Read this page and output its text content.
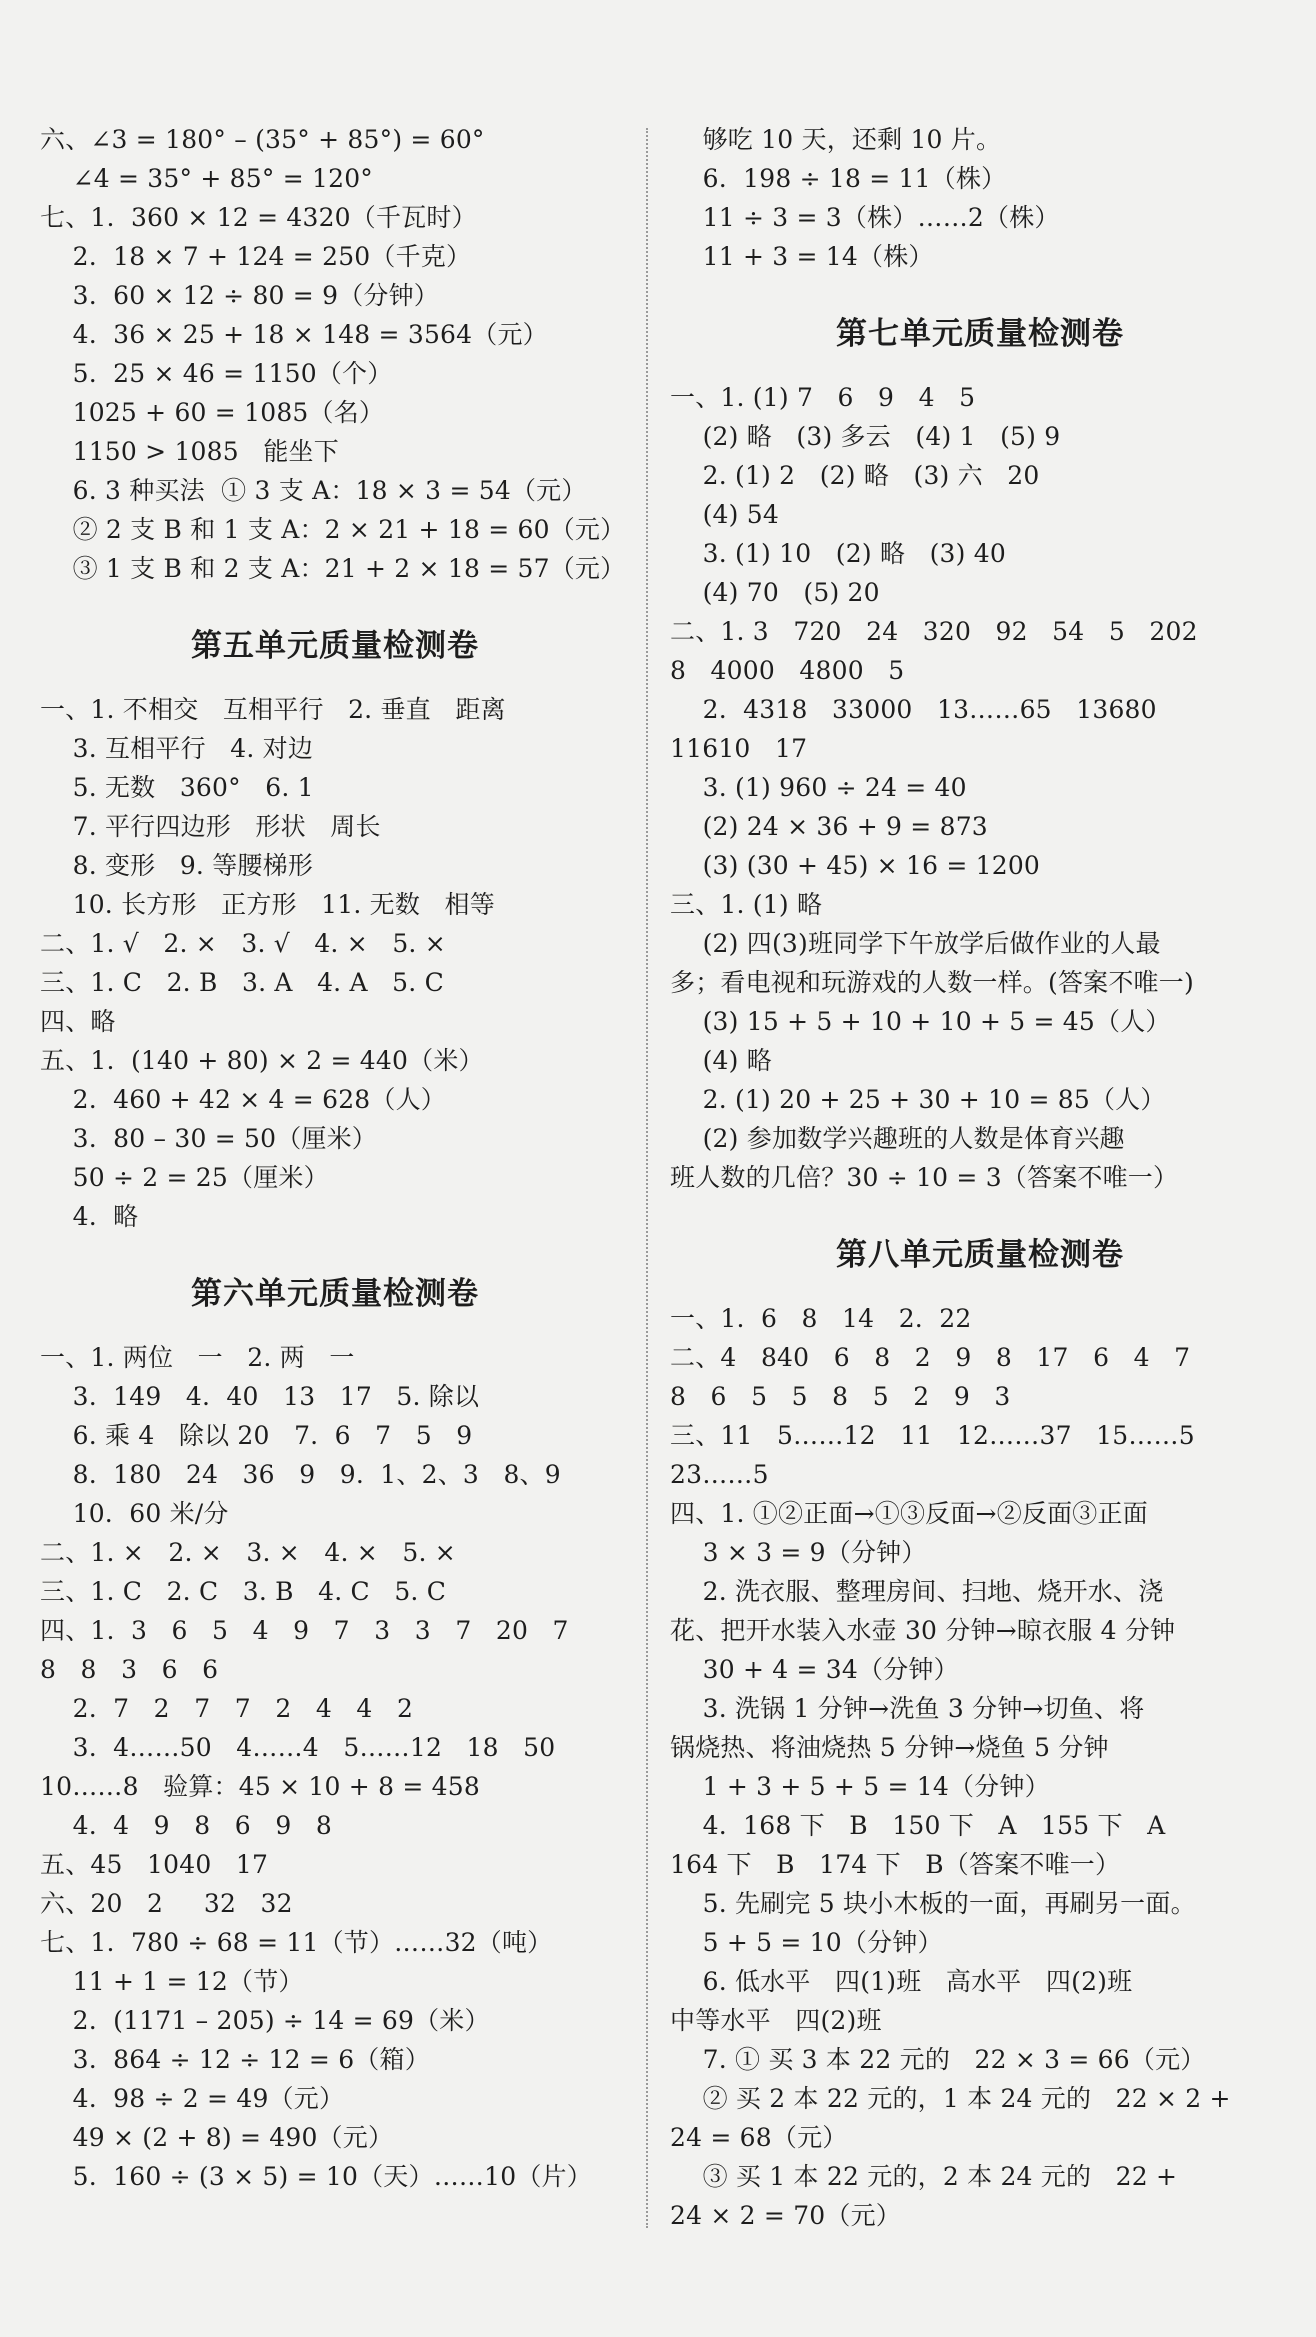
六、∠3 = 180° – (35° + 85°) = 60°
∠4 = 35° + 85° = 120°
七、1.  360 × 12 = 4320（千瓦时）
2.  18 × 7 + 124 = 250（千克）
3.  60 × 12 ÷ 80 = 9（分钟）
4.  36 × 25 + 18 × 148 = 3564（元）
5.  25 × 46 = 1150（个）
1025 + 60 = 1085（名）
1150 > 1085   能坐下
6. 3 种买法  ① 3 支 A：18 × 3 = 54（元）
② 2 支 B 和 1 支 A：2 × 21 + 18 = 60（元）
③ 1 支 B 和 2 支 A：21 + 2 × 18 = 57（元）
第五单元质量检测卷
一、1. 不相交   互相平行   2. 垂直   距离
3. 互相平行   4. 对边
5. 无数   360°   6. 1
7. 平行四边形   形状   周长
8. 变形   9. 等腰梯形
10. 长方形   正方形   11. 无数   相等
二、1. √   2. ×   3. √   4. ×   5. ×
三、1. C   2. B   3. A   4. A   5. C
四、略
五、1.  (140 + 80) × 2 = 440（米）
2.  460 + 42 × 4 = 628（人）
3.  80 – 30 = 50（厘米）
50 ÷ 2 = 25（厘米）
4.  略
第六单元质量检测卷
一、1. 两位   一   2. 两   一
3.  149   4.  40   13   17   5. 除以
6. 乘 4   除以 20   7.  6   7   5   9
8.  180   24   36   9   9.  1、2、3   8、9
10.  60 米/分
二、1. ×   2. ×   3. ×   4. ×   5. ×
三、1. C   2. C   3. B   4. C   5. C
四、1.  3   6   5   4   9   7   3   3   7   20   7
8   8   3   6   6
2.  7   2   7   7   2   4   4   2
3.  4……50   4……4   5……12   18   50
10……8   验算：45 × 10 + 8 = 458
4.  4   9   8   6   9   8
五、45   1040   17
六、20   2     32   32
七、1.  780 ÷ 68 = 11（节）……32（吨）
11 + 1 = 12（节）
2.  (1171 – 205) ÷ 14 = 69（米）
3.  864 ÷ 12 ÷ 12 = 6（箱）
4.  98 ÷ 2 = 49（元）
49 × (2 + 8) = 490（元）
5.  160 ÷ (3 × 5) = 10（天）……10（片）
够吃 10 天，还剩 10 片。
6.  198 ÷ 18 = 11（株）
11 ÷ 3 = 3（株）……2（株）
11 + 3 = 14（株）
第七单元质量检测卷
一、1. (1) 7   6   9   4   5
(2) 略   (3) 多云   (4) 1   (5) 9
2. (1) 2   (2) 略   (3) 六   20
(4) 54
3. (1) 10   (2) 略   (3) 40
(4) 70   (5) 20
二、1. 3   720   24   320   92   54   5   202
8   4000   4800   5
2.  4318   33000   13……65   13680
11610   17
3. (1) 960 ÷ 24 = 40
(2) 24 × 36 + 9 = 873
(3) (30 + 45) × 16 = 1200
三、1. (1) 略
(2) 四(3)班同学下午放学后做作业的人最
多；看电视和玩游戏的人数一样。(答案不唯一)
(3) 15 + 5 + 10 + 10 + 5 = 45（人）
(4) 略
2. (1) 20 + 25 + 30 + 10 = 85（人）
(2) 参加数学兴趣班的人数是体育兴趣
班人数的几倍？30 ÷ 10 = 3（答案不唯一）
第八单元质量检测卷
一、1.  6   8   14   2.  22
二、4   840   6   8   2   9   8   17   6   4   7
8   6   5   5   8   5   2   9   3
三、11   5……12   11   12……37   15……5
23……5
四、1. ①②正面→①③反面→②反面③正面
3 × 3 = 9（分钟）
2. 洗衣服、整理房间、扫地、烧开水、浇
花、把开水装入水壶 30 分钟→晾衣服 4 分钟
30 + 4 = 34（分钟）
3. 洗锅 1 分钟→洗鱼 3 分钟→切鱼、将
锅烧热、将油烧热 5 分钟→烧鱼 5 分钟
1 + 3 + 5 + 5 = 14（分钟）
4.  168 下   B   150 下   A   155 下   A
164 下   B   174 下   B（答案不唯一）
5. 先刷完 5 块小木板的一面，再刷另一面。
5 + 5 = 10（分钟）
6. 低水平   四(1)班   高水平   四(2)班
中等水平   四(2)班
7. ① 买 3 本 22 元的   22 × 3 = 66（元）
② 买 2 本 22 元的，1 本 24 元的   22 × 2 +
24 = 68（元）
③ 买 1 本 22 元的，2 本 24 元的   22 +
24 × 2 = 70（元）
